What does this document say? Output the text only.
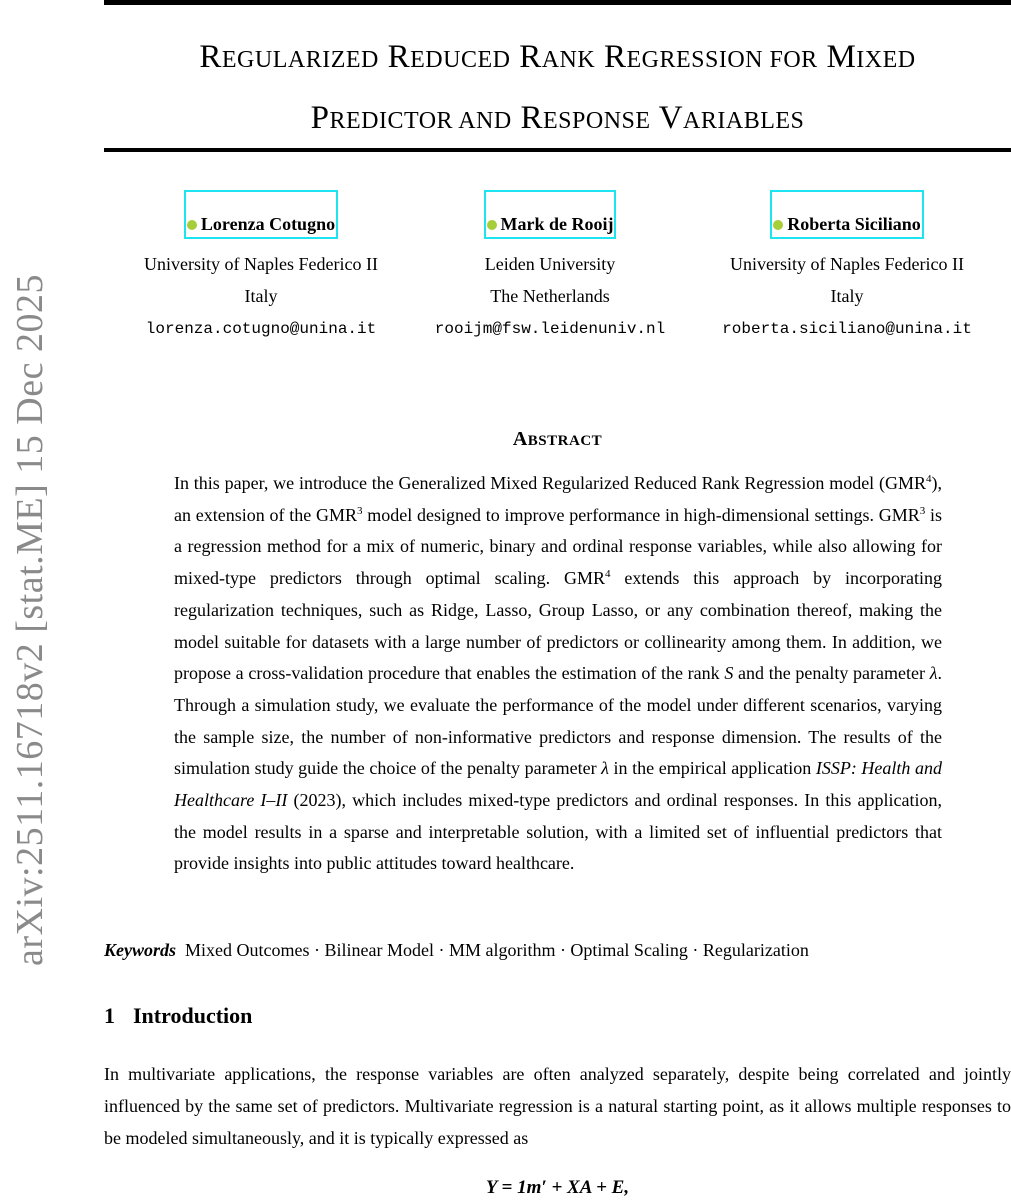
arXiv:2511.16718v2 [stat.ME] 15 Dec 2025
REGULARIZED REDUCED RANK REGRESSION FOR MIXED
PREDICTOR AND RESPONSE VARIABLES
Lorenza Cotugno
University of Naples Federico II
Italy
lorenza.cotugno@unina.it
Mark de Rooij
Leiden University
The Netherlands
rooijm@fsw.leidenuniv.nl
Roberta Siciliano
University of Naples Federico II
Italy
roberta.siciliano@unina.it
ABSTRACT
In this paper, we introduce the Generalized Mixed Regularized Reduced Rank Regression model (GMR$^4$), an extension of the GMR$^3$ model designed to improve performance in high-dimensional settings. GMR$^3$ is a regression method for a mix of numeric, binary and ordinal response variables, while also allowing for mixed-type predictors through optimal scaling. GMR$^4$ extends this approach by incorporating regularization techniques, such as Ridge, Lasso, Group Lasso, or any combination thereof, making the model suitable for datasets with a large number of predictors or collinearity among them. In addition, we propose a cross-validation procedure that enables the estimation of the rank S and the penalty parameter λ. Through a simulation study, we evaluate the performance of the model under different scenarios, varying the sample size, the number of non-informative predictors and response dimension. The results of the simulation study guide the choice of the penalty parameter λ in the empirical application ISSP: Health and Healthcare I–II (2023), which includes mixed-type predictors and ordinal responses. In this application, the model results in a sparse and interpretable solution, with a limited set of influential predictors that provide insights into public attitudes toward healthcare.
Keywords Mixed Outcomes · Bilinear Model · MM algorithm · Optimal Scaling · Regularization
1 Introduction
In multivariate applications, the response variables are often analyzed separately, despite being correlated and jointly influenced by the same set of predictors. Multivariate regression is a natural starting point, as it allows multiple responses to be modeled simultaneously, and it is typically expressed as
Y = 1m′ + XA + E,
